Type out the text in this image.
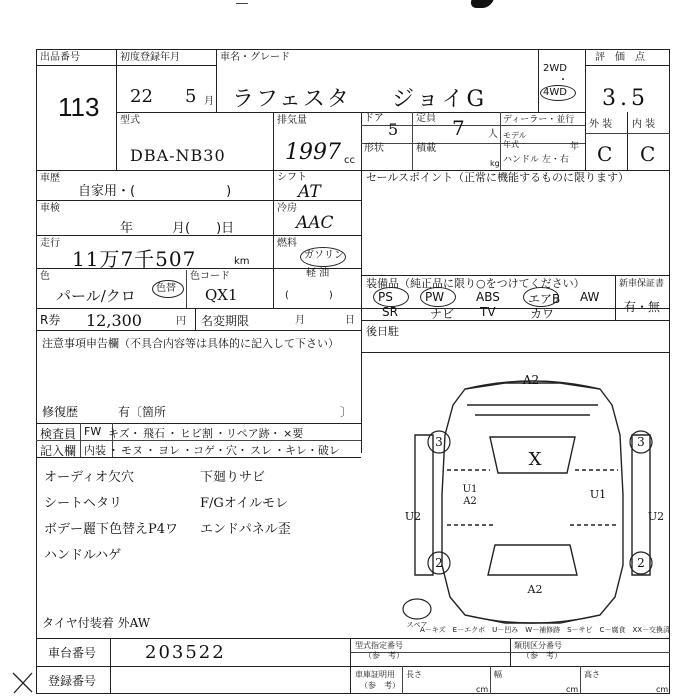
出品番号
113
初度登録年月
22 5 月
車名・グレード
ラフェスタ ジョイG
2WD
・
4WD
評　価　点
3.5
外 装 内 装
C C
型式
DBA-NB30
排気量
1997 cc
ドア
5
定員 7 人
形状	積載
kg
ディーラー・並行
モデル年式	年
ハンドル 左・右
車歴
自家用・(　　　　　　　)
シフト
AT
車検
年　　　月(　　)日
冷房
AAC
走行
11万7千507	km
燃料
ガソリン
軽 油
(　　　　)
色
パール/クロ 色替
色コード
QX1
セールスポイント（正常に機能するものに限ります）
装備品（純正品に限り○をつけてください）	新車保証書
有・無
PS	PW	ABS エアB AW
SR	ナビ TV	カワ
R券 12,300	円 名変期限	月	日
後日駐
注意事項申告欄（不具合内容等は具体的に記入して下さい）
修復歴	有〔箇所	〕
検査員
記入欄
FW キズ・ 飛石 ・ ヒビ割 ・リペア跡・ ×要
内装 ・ モヌ ・ ヨレ ・コゲ・穴・ スレ ・キレ・破レ
オーディオ欠穴
シートヘタリ
ボデー麗下色替えP4ワ
ハンドルハゲ
下廻りサビ
F/Gオイルモレ
エンドパネル歪
タイヤ付装着 外AW
A2
3	3
X
U1
A2
U1
U2	U2
2	2
A2
スペア
A－キズ　E－エクボ　U－凹み　W－補修跡　S－サビ　C－腐食　XX－交換済
車台番号	203522
登録番号
型式指定番号
（参　考）
類別区分番号
（参　考）
車庫証明用
（参　考）
長さ
cm
幅
cm
高さ
cm
